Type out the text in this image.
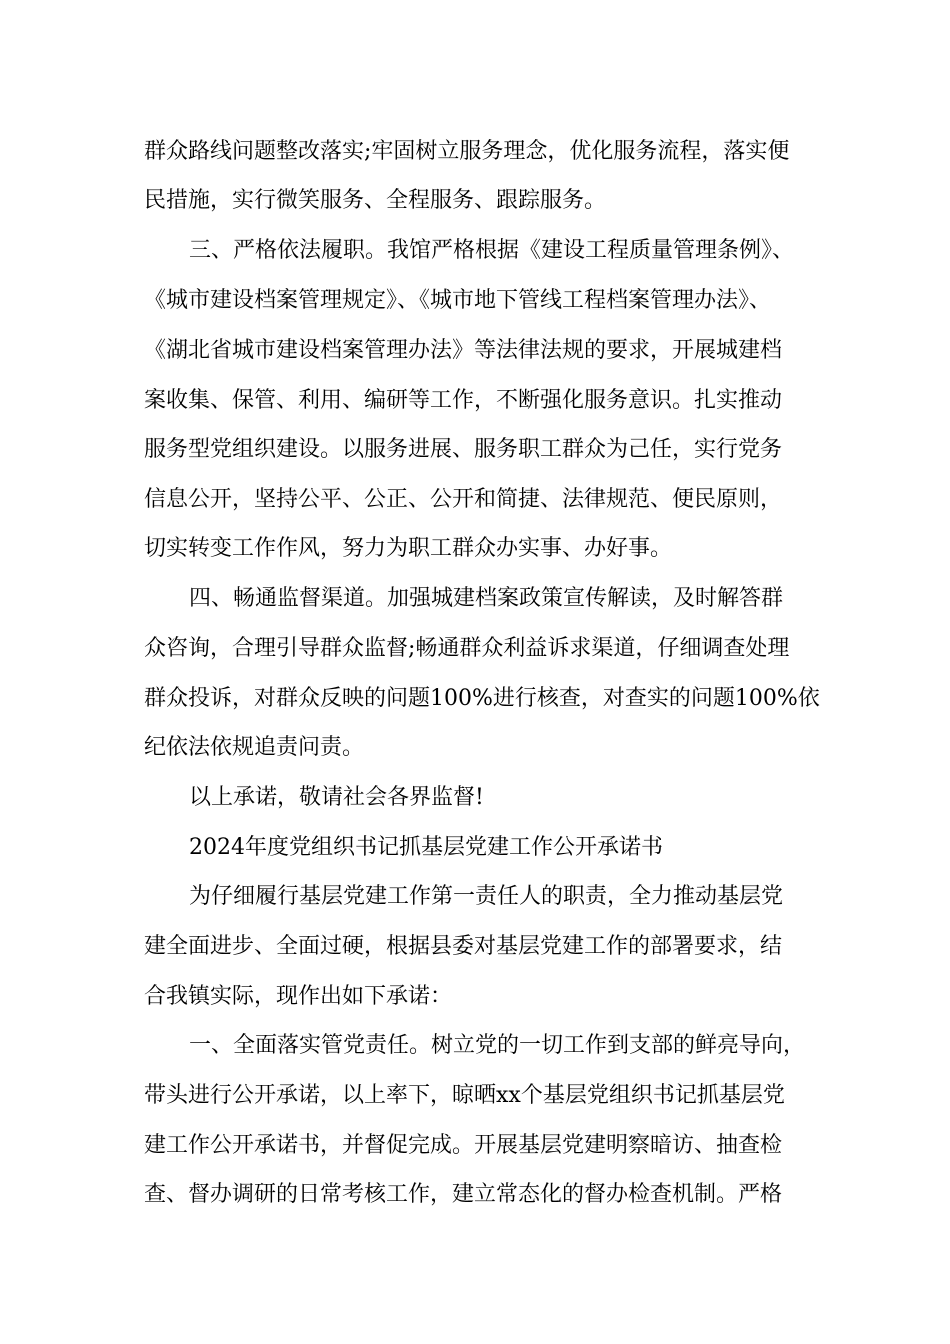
群众路线问题整改落实;牢固树立服务理念，优化服务流程，落实便
民措施，实行微笑服务、全程服务、跟踪服务。
三、严格依法履职。我馆严格根据《建设工程质量管理条例》、
《城市建设档案管理规定》、《城市地下管线工程档案管理办法》、
《湖北省城市建设档案管理办法》等法律法规的要求，开展城建档
案收集、保管、利用、编研等工作，不断强化服务意识。扎实推动
服务型党组织建设。以服务进展、服务职工群众为己任，实行党务
信息公开，坚持公平、公正、公开和简捷、法律规范、便民原则，
切实转变工作作风，努力为职工群众办实事、办好事。
四、畅通监督渠道。加强城建档案政策宣传解读，及时解答群
众咨询，合理引导群众监督;畅通群众利益诉求渠道，仔细调查处理
群众投诉，对群众反映的问题100%进行核查，对查实的问题100%依
纪依法依规追责问责。
以上承诺，敬请社会各界监督!
2024年度党组织书记抓基层党建工作公开承诺书
为仔细履行基层党建工作第一责任人的职责，全力推动基层党
建全面进步、全面过硬，根据县委对基层党建工作的部署要求，结
合我镇实际，现作出如下承诺：
一、全面落实管党责任。树立党的一切工作到支部的鲜亮导向，
带头进行公开承诺，以上率下，晾晒xx个基层党组织书记抓基层党
建工作公开承诺书，并督促完成。开展基层党建明察暗访、抽查检
查、督办调研的日常考核工作，建立常态化的督办检查机制。严格
